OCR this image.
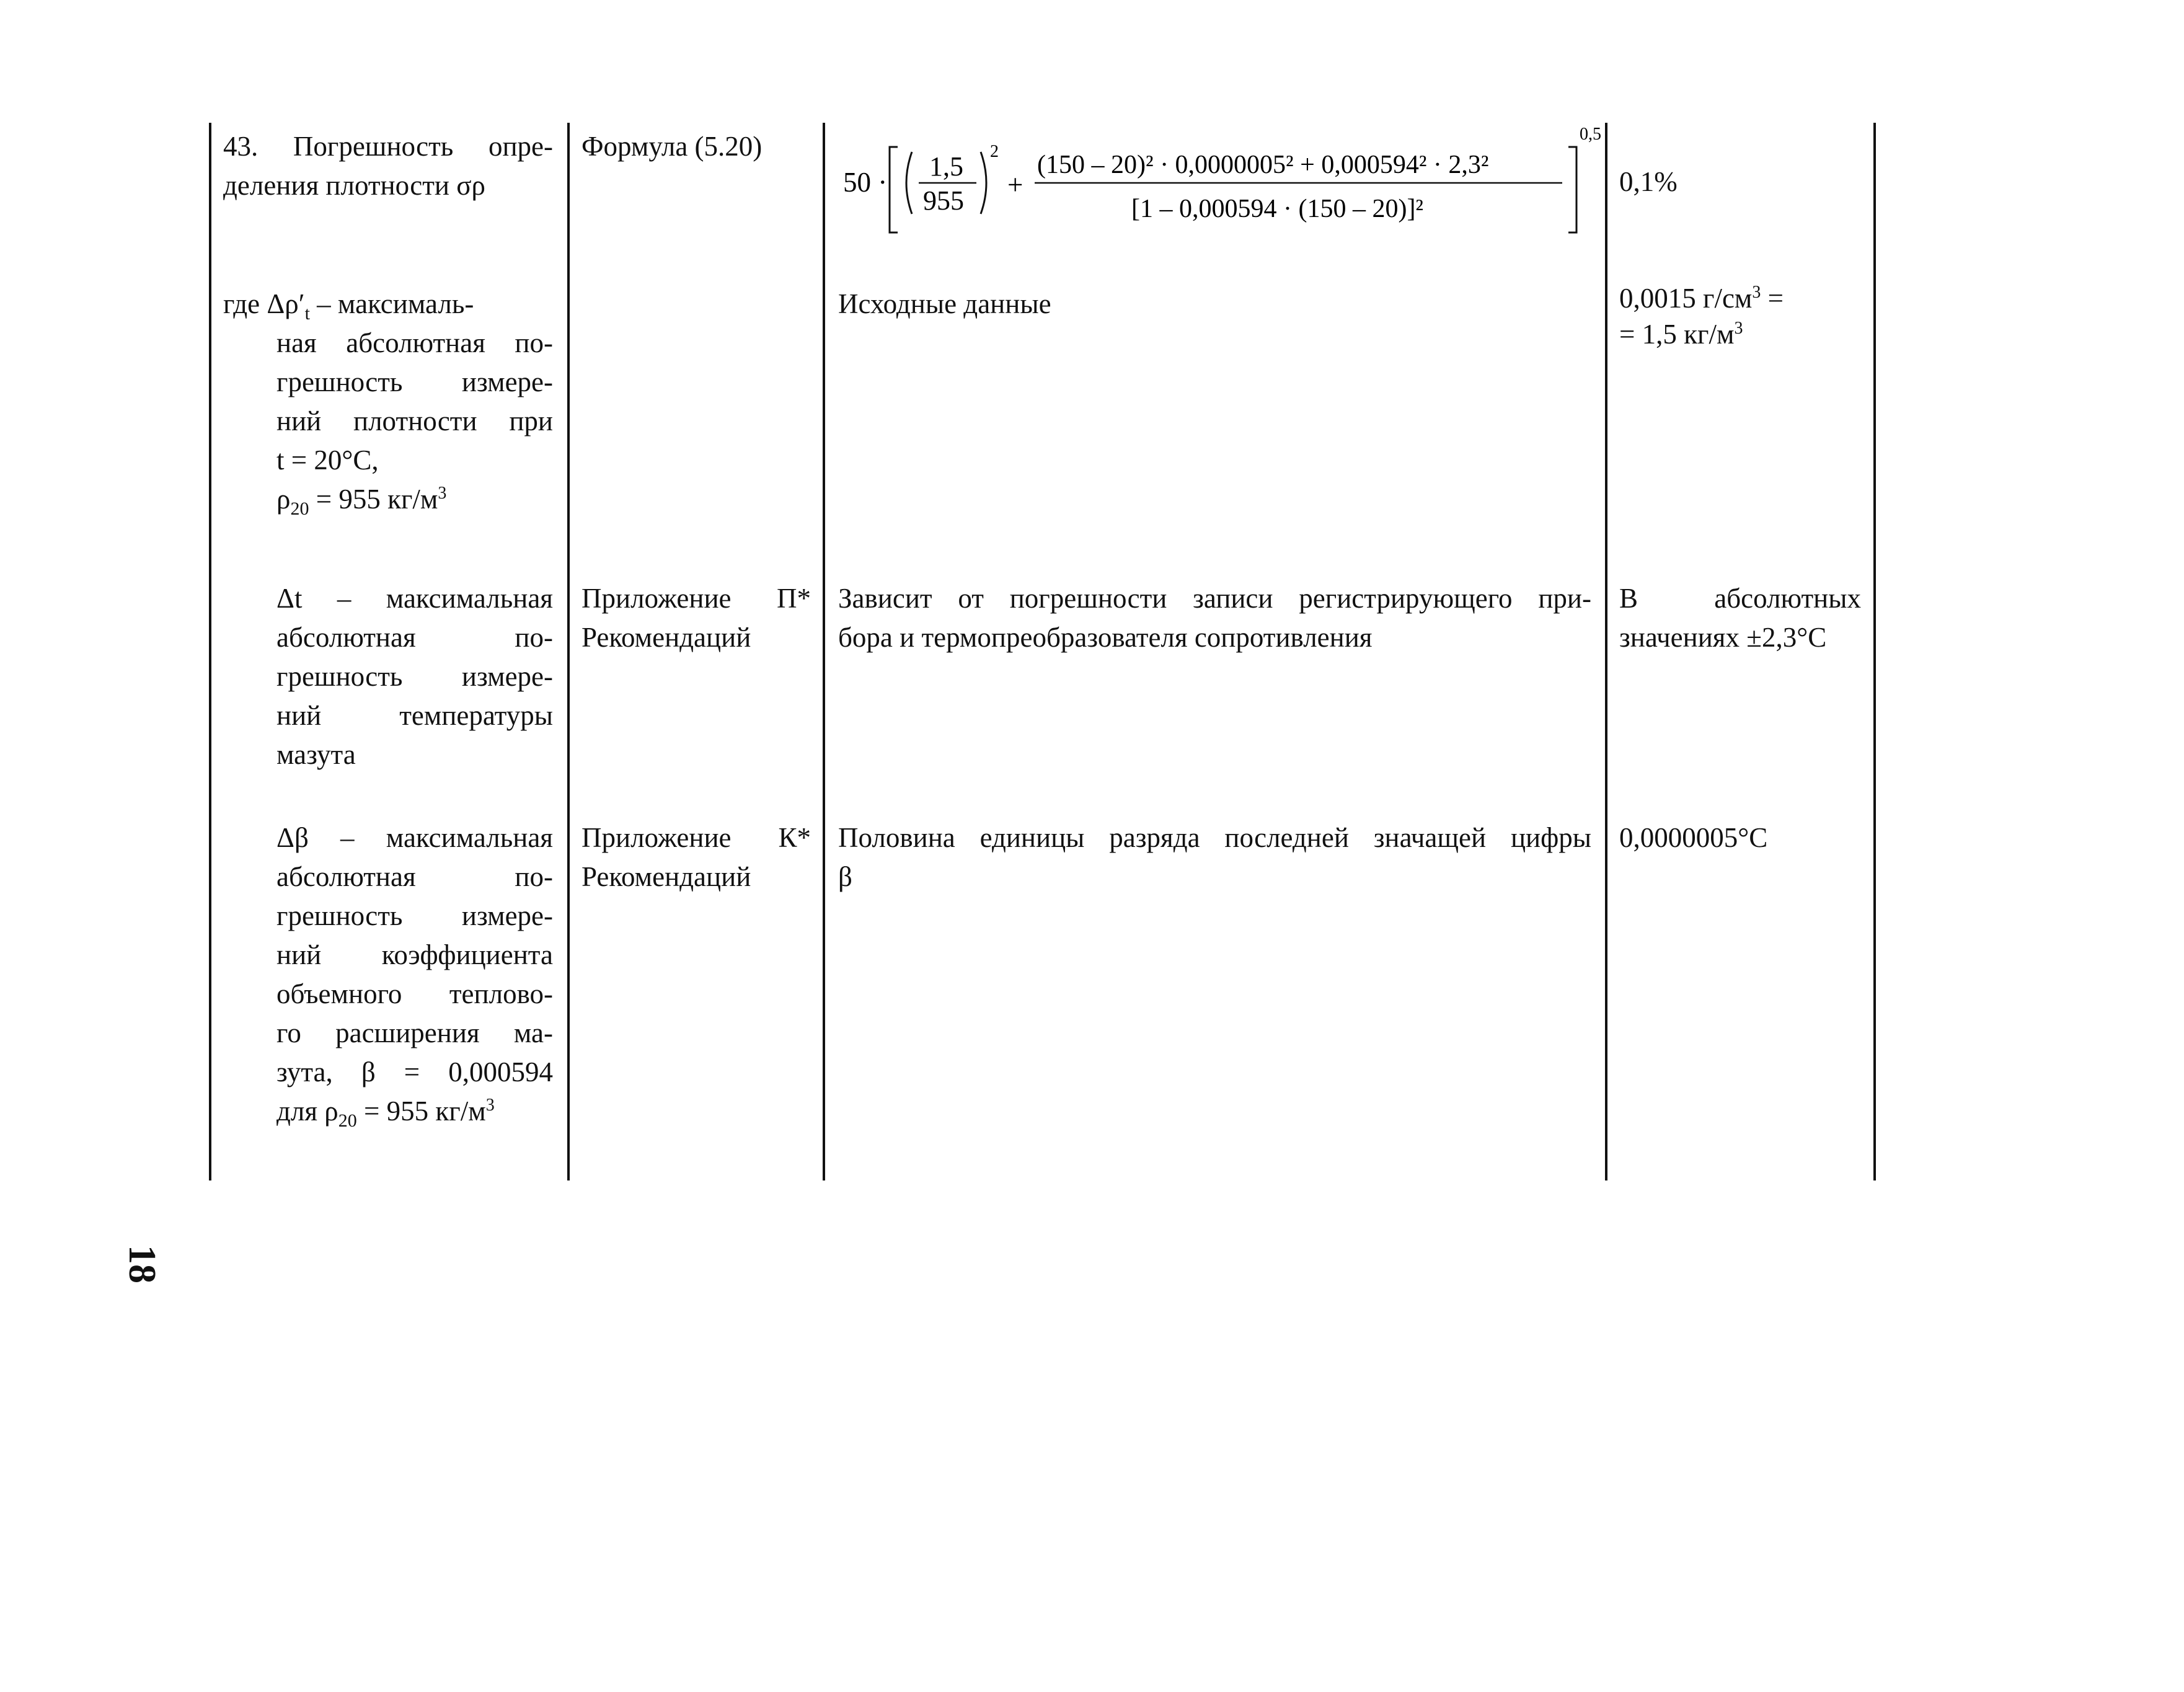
43. Погрешность опре-
деления плотности σρ
Формула (5.20)
50 ·
1,5
955
2
+
(150 – 20)² · 0,0000005² + 0,000594² · 2,3²
[1 – 0,000594 · (150 – 20)]²
0,5
0,1%
где $\Delta\rho'_t$ – максималь-
ная абсолютная по-
грешность измере-
ний плотности при
t = 20°C,
$\rho_{20} = 955$ $кг/м^3$
Исходные данные	0,0015 $г/см^3$ =
= 1,5 $кг/м^3$
Δt – максимальная
абсолютная по-
грешность измере-
ний температуры
мазута
Приложение П*
Рекомендаций
Зависит от погрешности записи регистрирующего при-
бора и термопреобразователя сопротивления
В абсолютных
значениях ±2,3°C
Δβ – максимальная
абсолютная по-
грешность измере-
ний коэффициента
объемного теплово-
го расширения ма-
зута, β = 0,000594
для $\rho_{20} = 955$ $кг/м^3$
Приложение К*
Рекомендаций
Половина единицы разряда последней значащей цифры
β
0,0000005°C
18
